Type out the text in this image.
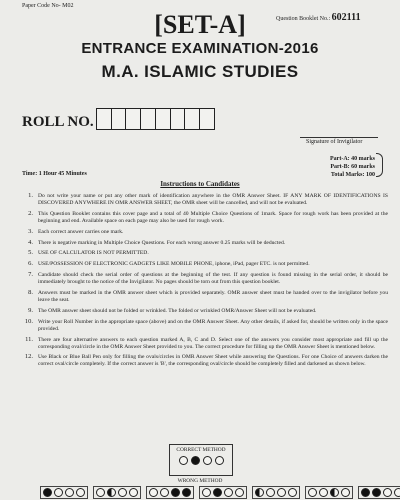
Paper Code No- M02
Question Booklet No.: 602111
[SET-A]
ENTRANCE EXAMINATION-2016
M.A. ISLAMIC STUDIES
ROLL NO.
Signature of Invigilator
Part-A: 40 marks
Part-B: 60 marks
Total Marks: 100
Time: 1 Hour 45 Minutes
Instructions to Candidates
1. Do not write your name or put any other mark of identification anywhere in the OMR Answer Sheet. IF ANY MARK OF IDENTIFICATIONS IS DISCOVERED ANYWHERE IN OMR ANSWER SHEET, the OMR sheet will be cancelled, and will not be evaluated.
2. This Question Booklet contains this cover page and a total of 40 Multiple Choice Questions of 1mark. Space for rough work has been provided at the beginning and end. Available space on each page may also be used for rough work.
3. Each correct answer carries one mark.
4. There is negative marking in Multiple Choice Questions. For each wrong answer 0.25 marks will be deducted.
5. USE OF CALCULATOR IS NOT PERMITTED.
6. USE/POSSESSION OF ELECTRONIC GADGETS LIKE MOBILE PHONE, iphone, iPad, pager ETC. is not permitted.
7. Candidate should check the serial order of questions at the beginning of the test. If any question is found missing in the serial order, it should be immediately brought to the notice of the Invigilator. No pages should be torn out from this question booklet.
8. Answers must be marked in the OMR answer sheet which is provided separately. OMR answer sheet must be handed over to the invigilator before you leave the seat.
9. The OMR answer sheet should not be folded or wrinkled. The folded or wrinkled OMR/Answer Sheet will not be evaluated.
10. Write your Roll Number in the appropriate space (above) and on the OMR Answer Sheet. Any other details, if asked for, should be written only in the space provided.
11. There are four alternative answers to each question marked A, B, C and D. Select one of the answers you consider most appropriate and fill up the corresponding oval/circle in the OMR Answer Sheet provided to you. The correct procedure for filling up the OMR Answer Sheet is mentioned below.
12. Use Black or Blue Ball Pen only for filling the ovals/circles in OMR Answer Sheet while answering the Questions. For one Choice of answers darken the correct oval/circle completely. If the correct answer is 'B', the corresponding oval/circle should be completely filled and darkened as shown below.
CORRECT METHOD
WRONG METHOD
